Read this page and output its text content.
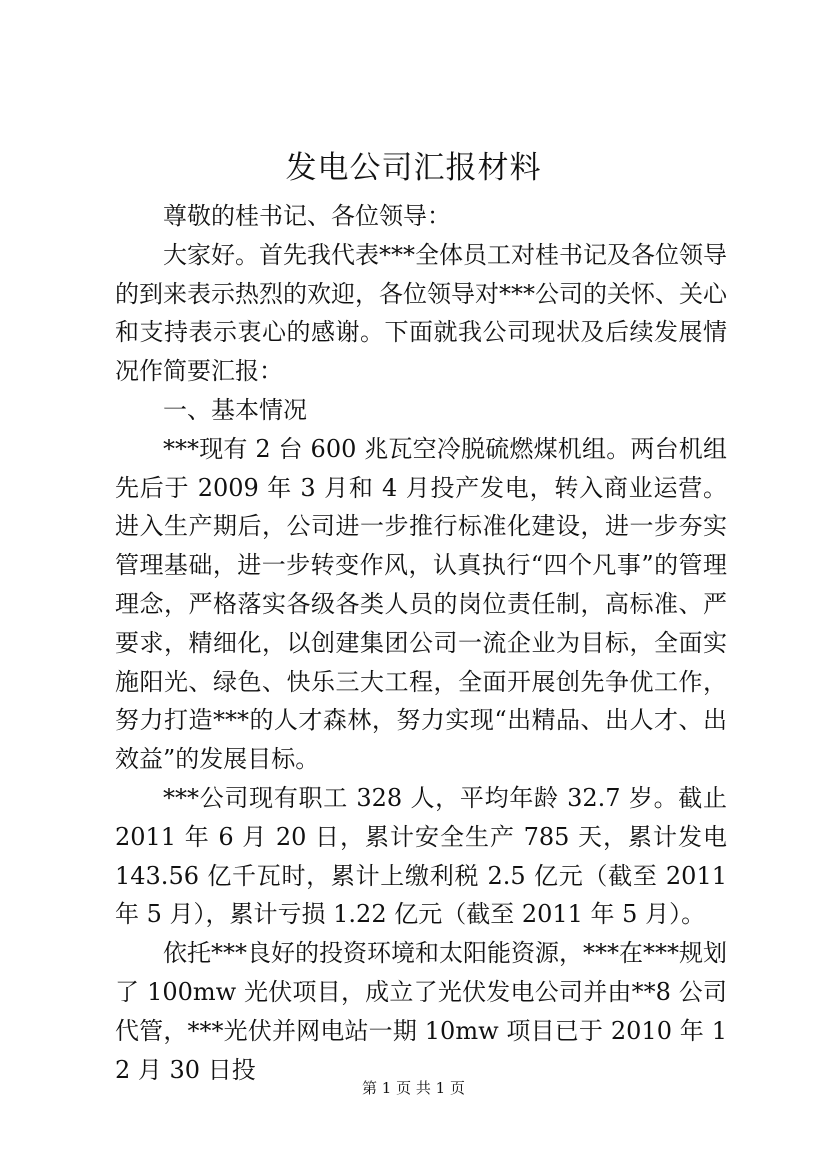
发电公司汇报材料

尊敬的桂书记、各位领导：

大家好。首先我代表***全体员工对桂书记及各位领导的到来表示热烈的欢迎，各位领导对***公司的关怀、关心和支持表示衷心的感谢。下面就我公司现状及后续发展情况作简要汇报：

一、基本情况

***现有 2 台 600 兆瓦空冷脱硫燃煤机组。两台机组先后于 2009 年 3 月和 4 月投产发电，转入商业运营。进入生产期后，公司进一步推行标准化建设，进一步夯实管理基础，进一步转变作风，认真执行“四个凡事”的管理理念，严格落实各级各类人员的岗位责任制，高标准、严要求，精细化，以创建集团公司一流企业为目标，全面实施阳光、绿色、快乐三大工程，全面开展创先争优工作，努力打造***的人才森林，努力实现“出精品、出人才、出效益”的发展目标。

***公司现有职工 328 人，平均年龄 32.7 岁。截止 2011 年 6 月 20 日，累计安全生产 785 天，累计发电 143.56 亿千瓦时，累计上缴利税 2.5 亿元（截至 2011 年 5 月），累计亏损 1.22 亿元（截至 2011 年 5 月）。

依托***良好的投资环境和太阳能资源，***在***规划了 100mw 光伏项目，成立了光伏发电公司并由**8 公司代管，***光伏并网电站一期 10mw 项目已于 2010 年 12 月 30 日投

第 1 页 共 1 页
